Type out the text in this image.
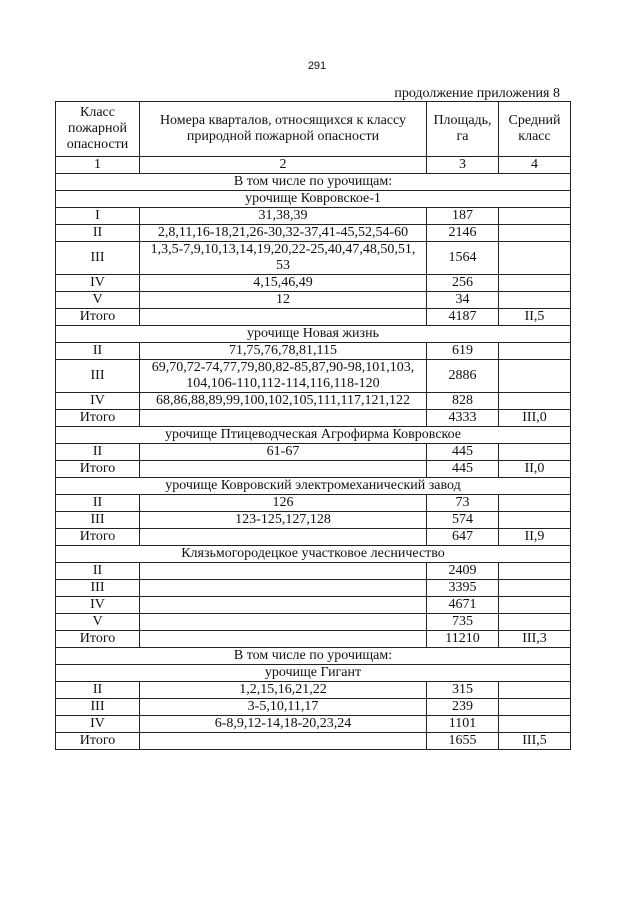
291
продолжение приложения 8
Класс пожарной опасности	Номера кварталов, относящихся к классу природной пожарной опасности	Площадь, га	Средний класс
1	2	3	4
В том числе по урочищам:			
урочище Ковровское-1			
I	31,38,39	187	
II	2,8,11,16-18,21,26-30,32-37,41-45,52,54-60	2146	
III	1,3,5-7,9,10,13,14,19,20,22-25,40,47,48,50,51, 53	1564	
IV	4,15,46,49	256	
V	12	34	
Итого		4187	II,5
урочище Новая жизнь			
II	71,75,76,78,81,115	619	
III	69,70,72-74,77,79,80,82-85,87,90-98,101,103, 104,106-110,112-114,116,118-120	2886	
IV	68,86,88,89,99,100,102,105,111,117,121,122	828	
Итого		4333	III,0
урочище Птицеводческая Агрофирма Ковровское			
II	61-67	445	
Итого		445	II,0
урочище Ковровский электромеханический завод			
II	126	73	
III	123-125,127,128	574	
Итого		647	II,9
Клязьмогородецкое участковое лесничество			
II		2409	
III		3395	
IV		4671	
V		735	
Итого		11210	III,3
В том числе по урочищам:			
урочище Гигант			
II	1,2,15,16,21,22	315	
III	3-5,10,11,17	239	
IV	6-8,9,12-14,18-20,23,24	1101	
Итого		1655	III,5
